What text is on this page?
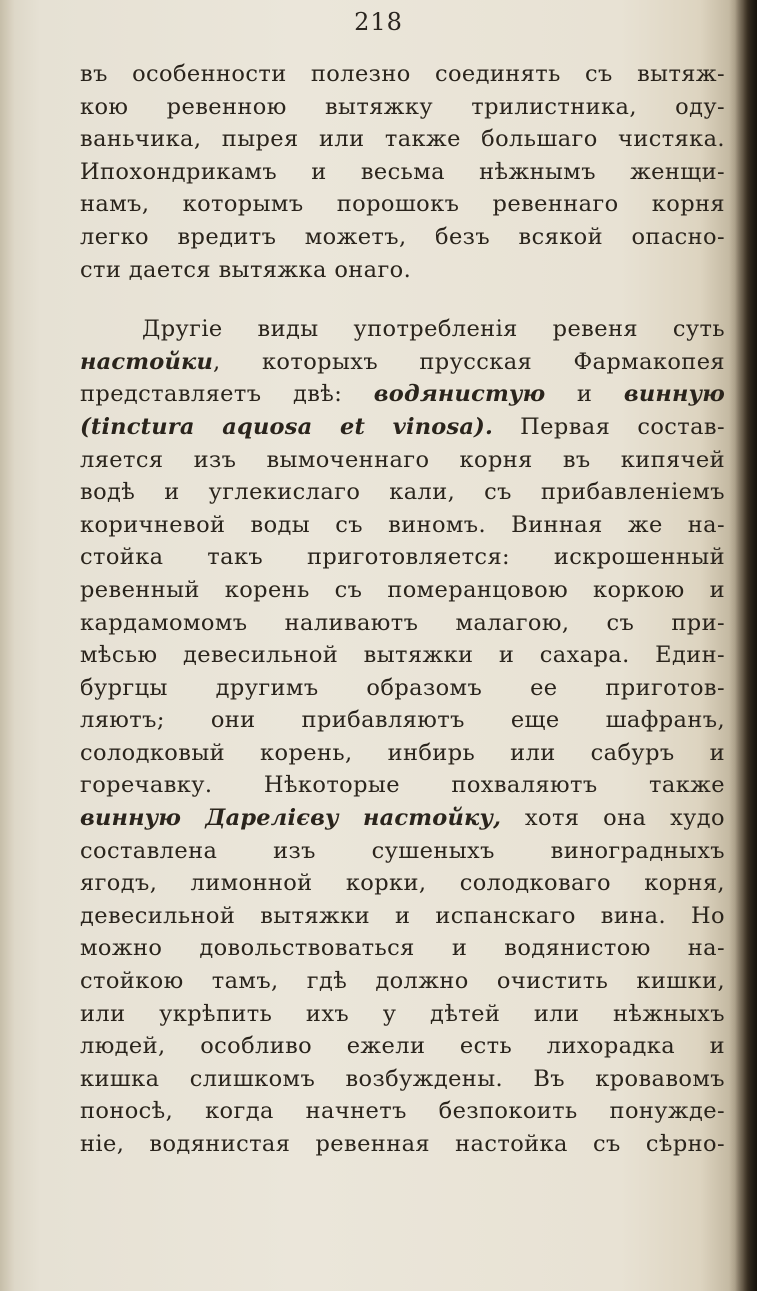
218
въ особенности полезно соединять съ вытяж-
кою ревенною вытяжку трилистника, оду-
ваньчика, пырея или также большаго чистяка.
Ипохондрикамъ и весьма нѣжнымъ женщи-
намъ, которымъ порошокъ ревеннаго корня
легко вредитъ можетъ, безъ всякой опасно-
сти дается вытяжка онаго.
Другіе виды употребленія ревеня суть
настойки, которыхъ прусская Фармакопея
представляетъ двѣ: водянистую и винную
(tinctura aquosa et vinosa). Первая состав-
ляется изъ вымоченнаго корня въ кипячей
водѣ и углекислаго кали, съ прибавленіемъ
коричневой воды съ виномъ. Винная же на-
стойка такъ приготовляется: искрошенный
ревенный корень съ померанцовою коркою и
кардамомомъ наливаютъ малагою, съ при-
мѣсью девесильной вытяжки и сахара. Един-
бургцы другимъ образомъ ее приготов-
ляютъ; они прибавляютъ еще шафранъ,
солодковый корень, инбирь или сабуръ и
горечавку. Нѣкоторые похваляютъ также
винную Дарелієву настойку, хотя она худо
составлена изъ сушеныхъ виноградныхъ
ягодъ, лимонной корки, солодковаго корня,
девесильной вытяжки и испанскаго вина. Но
можно довольствоваться и водянистою на-
стойкою тамъ, гдѣ должно очистить кишки,
или укрѣпить ихъ у дѣтей или нѣжныхъ
людей, особливо ежели есть лихорадка и
кишка слишкомъ возбуждены. Въ кровавомъ
поносѣ, когда начнетъ безпокоить понужде-
ніе, водянистая ревенная настойка съ сѣрно-
